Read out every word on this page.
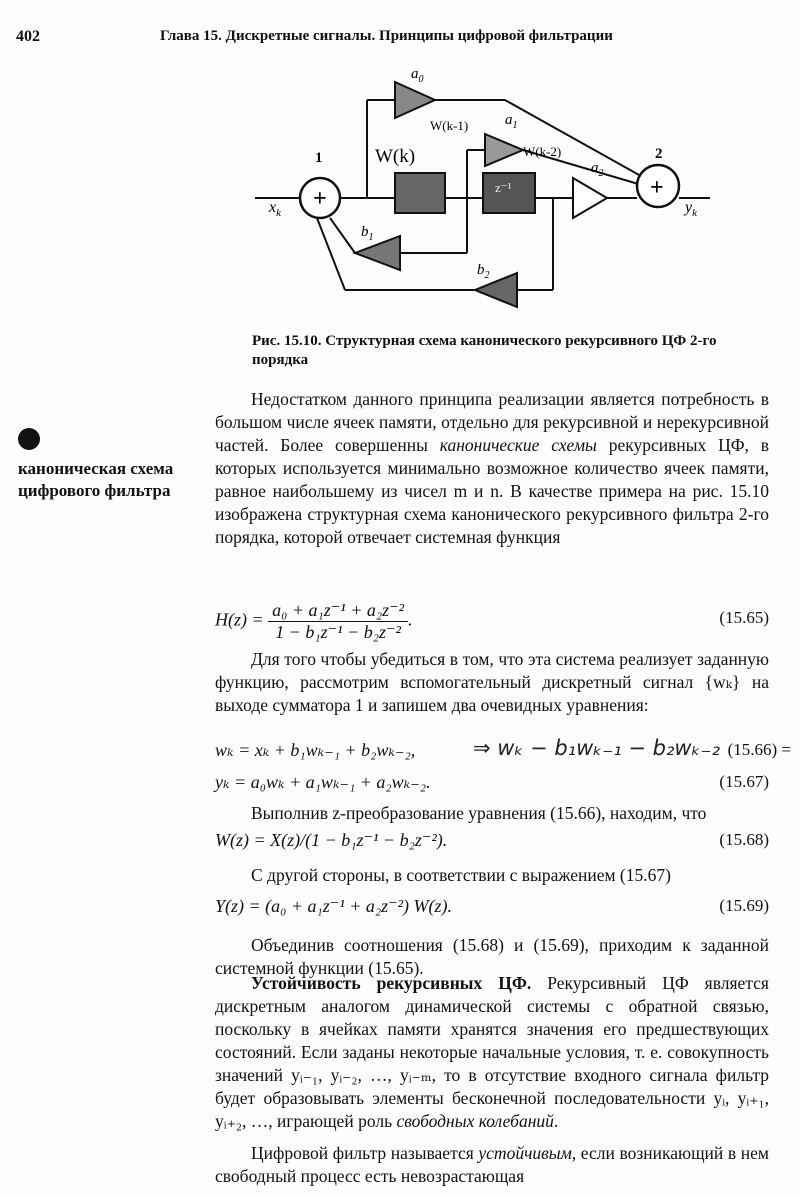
402	Глава 15. Дискретные сигналы. Принципы цифровой фильтрации
+	+
z⁻¹
1	2
$x_k$	$y_k$
$a_0$
$a_1$
$a_2$
$b_1$
$b_2$
W(k)
W(k-1)
W(k-2)
Рис. 15.10. Структурная схема канонического рекурсивного ЦФ 2-го порядка
каноническая схема цифрового фильтра

Недостатком данного принципа реализации является потребность в большом числе ячеек памяти, отдельно для рекурсивной и нерекурсивной частей. Более совершенны канонические схемы рекурсивных ЦФ, в которых используется минимально возможное количество ячеек памяти, равное наибольшему из чисел m и n. В качестве примера на рис. 15.10 изображена структурная схема канонического рекурсивного фильтра 2-го порядка, которой отвечает системная функция

$H(z) = \frac{\text{a₀ + a₁z⁻¹ + a₂z⁻²}}{\text{1 − b₁z⁻¹ − b₂z⁻²}}$ .	(15.65)

Для того чтобы убедиться в том, что эта система реализует заданную функцию, рассмотрим вспомогательный дискретный сигнал {wₖ} на выходе сумматора 1 и запишем два очевидных уравнения:

wₖ = xₖ + b₁wₖ₋₁ + b₂wₖ₋₂,	⇒ wₖ − b₁wₖ₋₁ − b₂wₖ₋₂ (15.66) =
yₖ = a₀wₖ + a₁wₖ₋₁ + a₂wₖ₋₂.	(15.67)

Выполнив z-преобразование уравнения (15.66), находим, что

W(z) = X(z)/(1 − b₁z⁻¹ − b₂z⁻²).	(15.68)

С другой стороны, в соответствии с выражением (15.67)

Y(z) = (a₀ + a₁z⁻¹ + a₂z⁻²) W(z).	(15.69)

Объединив соотношения (15.68) и (15.69), приходим к заданной системной функции (15.65).

Устойчивость рекурсивных ЦФ. Рекурсивный ЦФ является дискретным аналогом динамической системы с обратной связью, поскольку в ячейках памяти хранятся значения его предшествующих состояний. Если заданы некоторые начальные условия, т. е. совокупность значений yᵢ₋₁, yᵢ₋₂, …, yᵢ₋ₘ, то в отсутствие входного сигнала фильтр будет образовывать элементы бесконечной последовательности yᵢ, yᵢ₊₁, yᵢ₊₂, …, играющей роль свободных колебаний.

Цифровой фильтр называется устойчивым, если возникающий в нем свободный процесс есть невозрастающая
